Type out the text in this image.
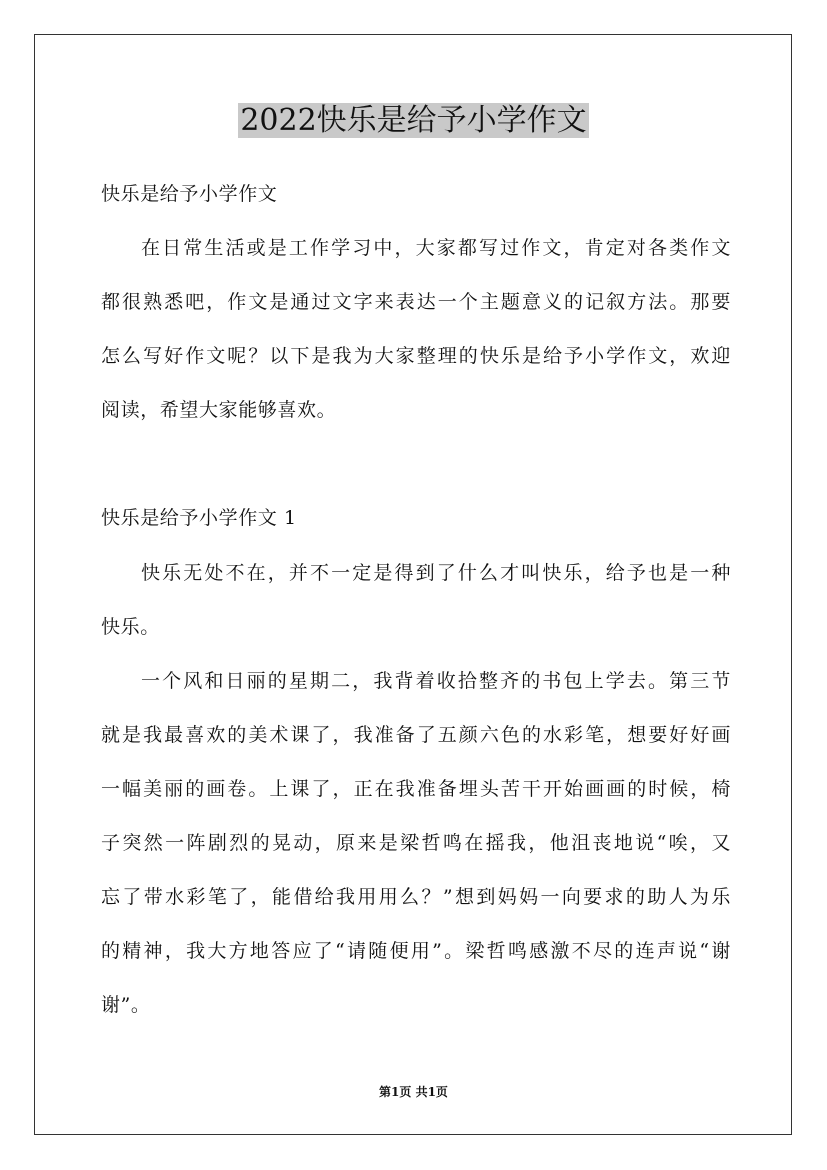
2022快乐是给予小学作文
快乐是给予小学作文
在日常生活或是工作学习中，大家都写过作文，肯定对各类作文
都很熟悉吧，作文是通过文字来表达一个主题意义的记叙方法。那要
怎么写好作文呢？以下是我为大家整理的快乐是给予小学作文，欢迎
阅读，希望大家能够喜欢。
快乐是给予小学作文 1
快乐无处不在，并不一定是得到了什么才叫快乐，给予也是一种
快乐。
一个风和日丽的星期二，我背着收拾整齐的书包上学去。第三节
就是我最喜欢的美术课了，我准备了五颜六色的水彩笔，想要好好画
一幅美丽的画卷。上课了，正在我准备埋头苦干开始画画的时候，椅
子突然一阵剧烈的晃动，原来是梁哲鸣在摇我，他沮丧地说“唉，又
忘了带水彩笔了，能借给我用用么？”想到妈妈一向要求的助人为乐
的精神，我大方地答应了“请随便用”。梁哲鸣感激不尽的连声说“谢
谢”。
第1页 共1页
